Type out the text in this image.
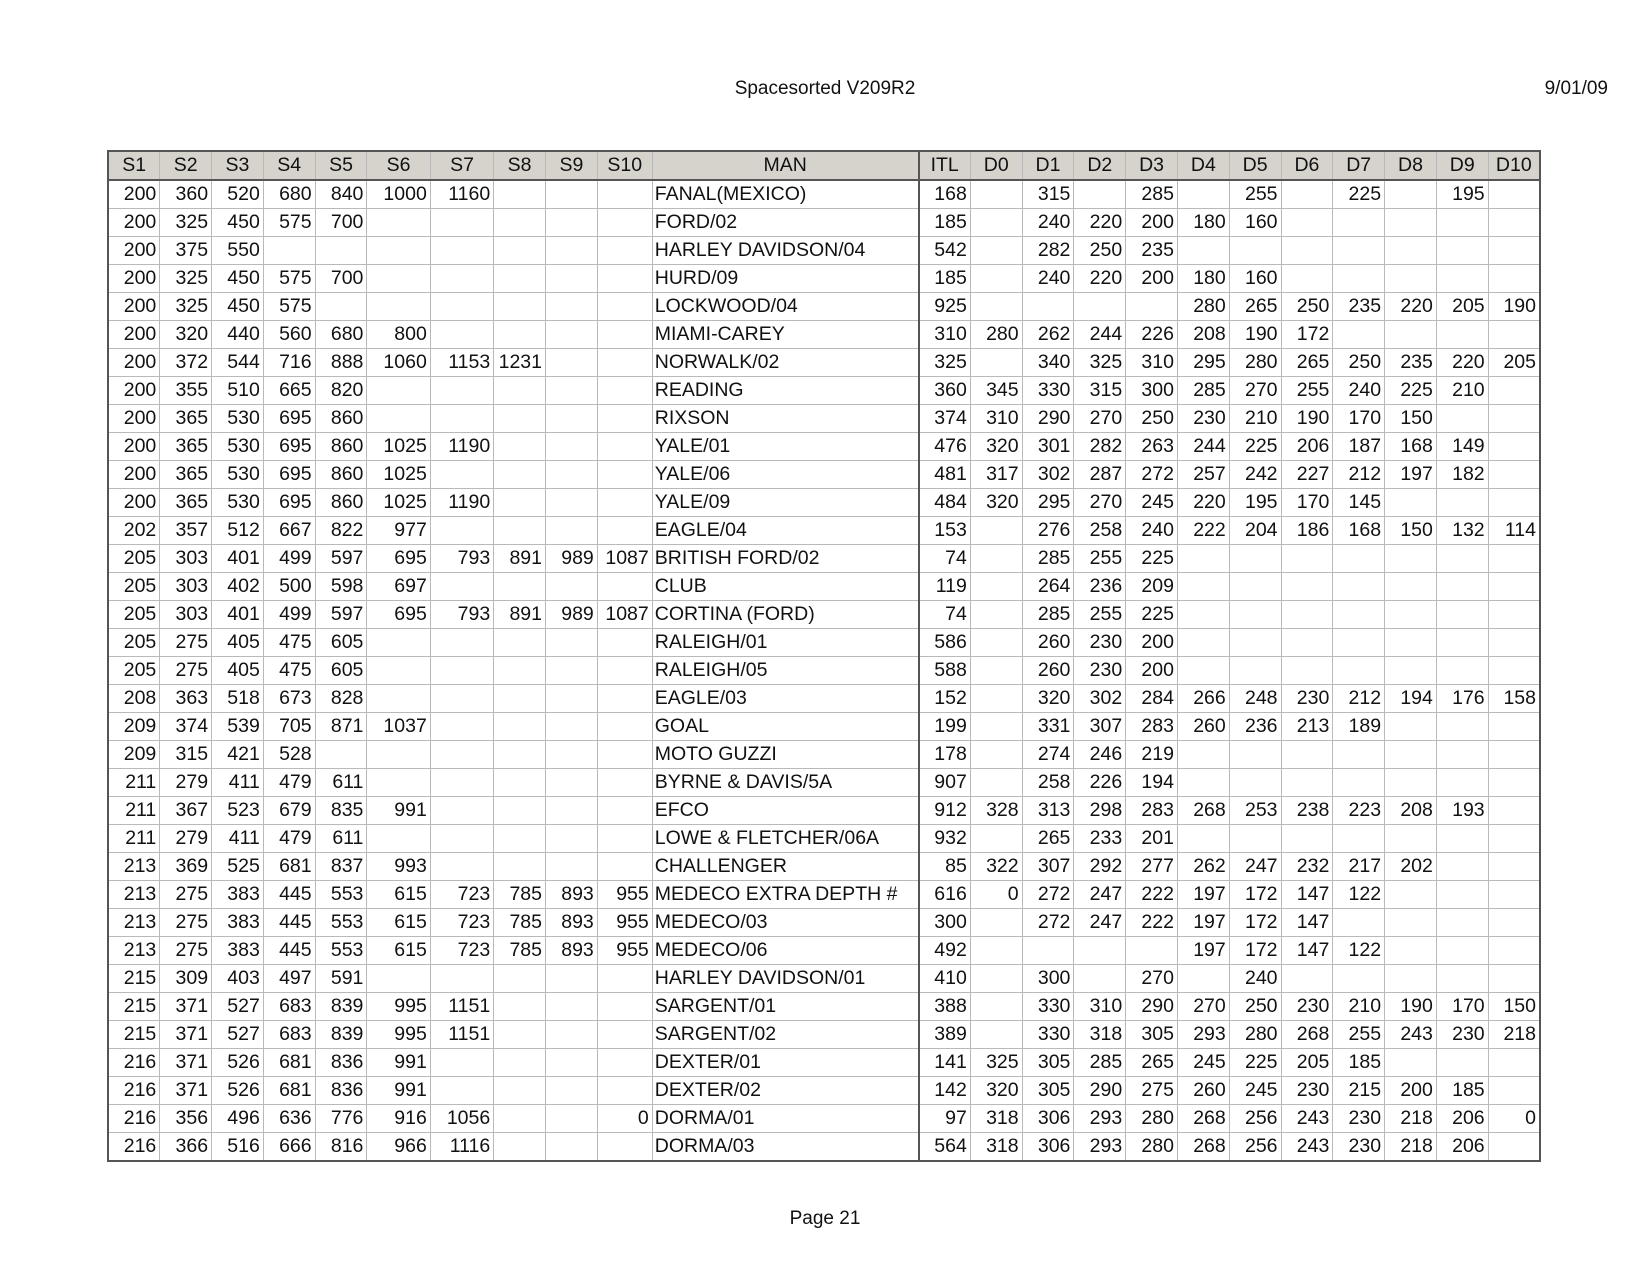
Spacesorted V209R2	9/01/09
S1	S2	S3	S4	S5	S6	S7	S8	S9	S10	MAN	ITL	D0	D1	D2	D3	D4	D5	D6	D7	D8	D9	D10
200	360	520	680	840	1000	1160				FANAL(MEXICO)	168		315		285		255		225		195	
200	325	450	575	700						FORD/02	185		240	220	200	180	160					
200	375	550								HARLEY DAVIDSON/04	542		282	250	235							
200	325	450	575	700						HURD/09	185		240	220	200	180	160					
200	325	450	575							LOCKWOOD/04	925					280	265	250	235	220	205	190
200	320	440	560	680	800					MIAMI-CAREY	310	280	262	244	226	208	190	172				
200	372	544	716	888	1060	1153	1231			NORWALK/02	325		340	325	310	295	280	265	250	235	220	205
200	355	510	665	820						READING	360	345	330	315	300	285	270	255	240	225	210	
200	365	530	695	860						RIXSON	374	310	290	270	250	230	210	190	170	150		
200	365	530	695	860	1025	1190				YALE/01	476	320	301	282	263	244	225	206	187	168	149	
200	365	530	695	860	1025					YALE/06	481	317	302	287	272	257	242	227	212	197	182	
200	365	530	695	860	1025	1190				YALE/09	484	320	295	270	245	220	195	170	145			
202	357	512	667	822	977					EAGLE/04	153		276	258	240	222	204	186	168	150	132	114
205	303	401	499	597	695	793	891	989	1087	BRITISH FORD/02	74		285	255	225							
205	303	402	500	598	697					CLUB	119		264	236	209							
205	303	401	499	597	695	793	891	989	1087	CORTINA (FORD)	74		285	255	225							
205	275	405	475	605						RALEIGH/01	586		260	230	200							
205	275	405	475	605						RALEIGH/05	588		260	230	200							
208	363	518	673	828						EAGLE/03	152		320	302	284	266	248	230	212	194	176	158
209	374	539	705	871	1037					GOAL	199		331	307	283	260	236	213	189			
209	315	421	528							MOTO GUZZI	178		274	246	219							
211	279	411	479	611						BYRNE & DAVIS/5A	907		258	226	194							
211	367	523	679	835	991					EFCO	912	328	313	298	283	268	253	238	223	208	193	
211	279	411	479	611						LOWE & FLETCHER/06A	932		265	233	201							
213	369	525	681	837	993					CHALLENGER	85	322	307	292	277	262	247	232	217	202		
213	275	383	445	553	615	723	785	893	955	MEDECO EXTRA DEPTH #	616	0	272	247	222	197	172	147	122			
213	275	383	445	553	615	723	785	893	955	MEDECO/03	300		272	247	222	197	172	147				
213	275	383	445	553	615	723	785	893	955	MEDECO/06	492					197	172	147	122			
215	309	403	497	591						HARLEY DAVIDSON/01	410		300		270		240					
215	371	527	683	839	995	1151				SARGENT/01	388		330	310	290	270	250	230	210	190	170	150
215	371	527	683	839	995	1151				SARGENT/02	389		330	318	305	293	280	268	255	243	230	218
216	371	526	681	836	991					DEXTER/01	141	325	305	285	265	245	225	205	185			
216	371	526	681	836	991					DEXTER/02	142	320	305	290	275	260	245	230	215	200	185	
216	356	496	636	776	916	1056			0	DORMA/01	97	318	306	293	280	268	256	243	230	218	206	0
216	366	516	666	816	966	1116				DORMA/03	564	318	306	293	280	268	256	243	230	218	206	
Page 21
